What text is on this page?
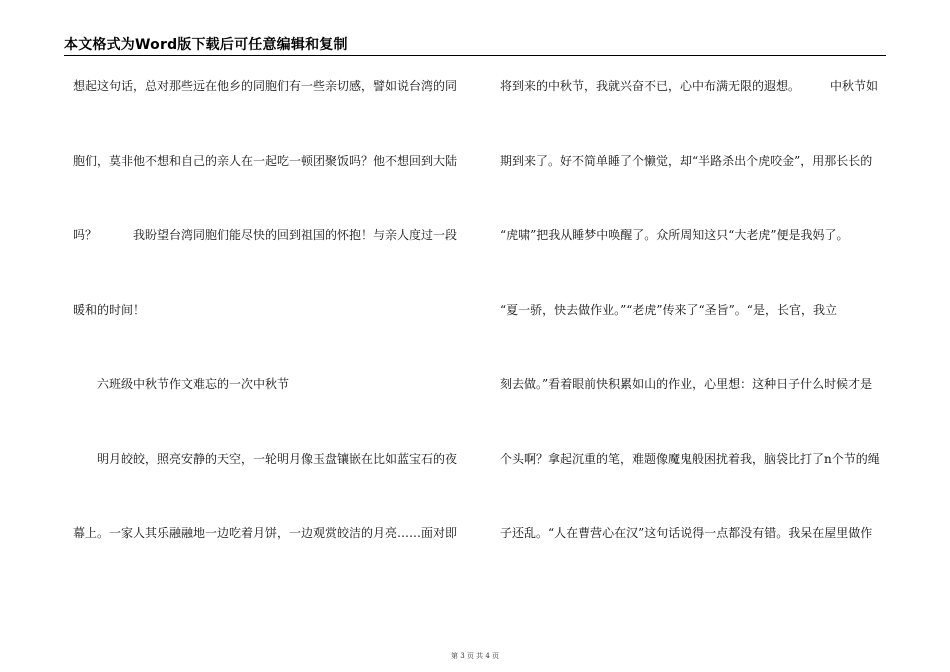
本文格式为Word版下载后可任意编辑和复制
想起这句话，总对那些远在他乡的同胞们有一些亲切感，譬如说台湾的同
胞们，莫非他不想和自己的亲人在一起吃一顿团聚饭吗？他不想回到大陆
吗？　　　我盼望台湾同胞们能尽快的回到祖国的怀抱！与亲人度过一段
暖和的时间！
　　六班级中秋节作文难忘的一次中秋节
　　明月皎皎，照亮安静的天空，一轮明月像玉盘镶嵌在比如蓝宝石的夜
幕上。一家人其乐融融地一边吃着月饼，一边观赏皎洁的月亮……面对即
将到来的中秋节，我就兴奋不已，心中布满无限的遐想。　　　中秋节如
期到来了。好不简单睡了个懒觉，却“半路杀出个虎咬金”，用那长长的
“虎啸”把我从睡梦中唤醒了。众所周知这只“大老虎”便是我妈了。
“夏一骄，快去做作业。”“老虎”传来了“圣旨”。“是，长官，我立
刻去做。”看着眼前快积累如山的作业，心里想：这种日子什么时候才是
个头啊？拿起沉重的笔，难题像魔鬼般困扰着我，脑袋比打了n个节的绳
子还乱。“人在曹营心在汉”这句话说得一点都没有错。我呆在屋里做作
第 3 页 共 4 页
